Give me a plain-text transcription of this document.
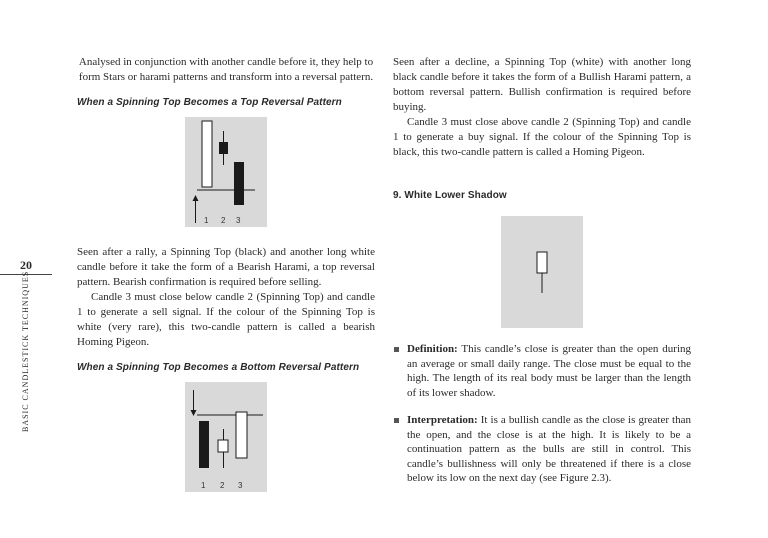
20
BASIC CANDLESTICK TECHNIQUES

Analysed in conjunction with another candle before it, they help to form Stars or harami patterns and transform into a reversal pattern.

When a Spinning Top Becomes a Top Reversal Pattern

1 2 3

Seen after a rally, a Spinning Top (black) and another long white candle before it take the form of a Bearish Harami, a top reversal pattern. Bearish confirmation is required before selling.

Candle 3 must close below candle 2 (Spinning Top) and candle 1 to generate a sell signal. If the colour of the Spinning Top is white (very rare), this two-candle pattern is called a bearish Homing Pigeon.

When a Spinning Top Becomes a Bottom Reversal Pattern

1 2 3

Seen after a decline, a Spinning Top (white) with another long black candle before it takes the form of a Bullish Harami pattern, a bottom reversal pattern. Bullish confirmation is required before buying.

Candle 3 must close above candle 2 (Spinning Top) and candle 1 to generate a buy signal. If the colour of the Spinning Top is black, this two-candle pattern is called a Homing Pigeon.

9. White Lower Shadow

Definition: This candle’s close is greater than the open during an average or small daily range. The close must be equal to the high. The length of its real body must be larger than the length of its lower shadow.

Interpretation: It is a bullish candle as the close is greater than the open, and the close is at the high. It is likely to be a continuation pattern as the bulls are still in control. This candle’s bullishness will only be threatened if there is a close below its low on the next day (see Figure 2.3).
